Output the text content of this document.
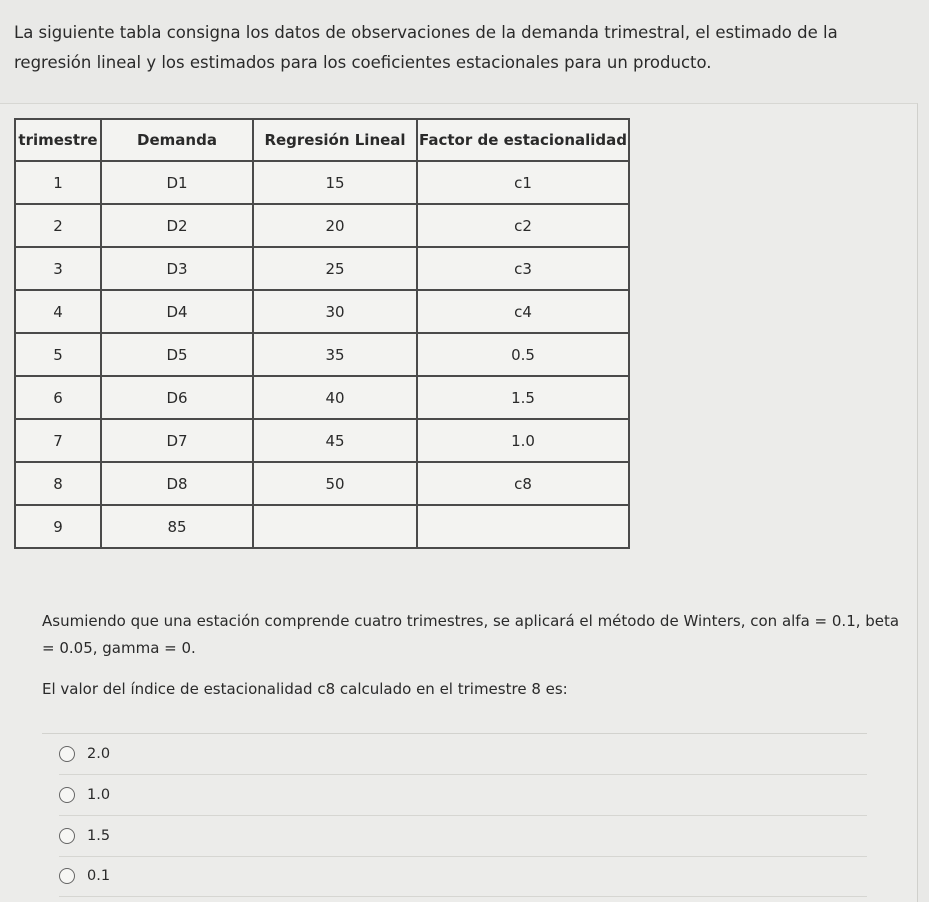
La siguiente tabla consigna los datos de observaciones de la demanda trimestral, el estimado de la
regresión lineal y los estimados para los coeficientes estacionales para un producto.
trimestre	Demanda	Regresión Lineal	Factor de estacionalidad
1	D1	15	c1
2	D2	20	c2
3	D3	25	c3
4	D4	30	c4
5	D5	35	0.5
6	D6	40	1.5
7	D7	45	1.0
8	D8	50	c8
9	85		
Asumiendo que una estación comprende cuatro trimestres, se aplicará el método de Winters, con alfa = 0.1, beta = 0.05, gamma = 0.
El valor del índice de estacionalidad c8 calculado en el trimestre 8 es:
2.0
1.0
1.5
0.1
